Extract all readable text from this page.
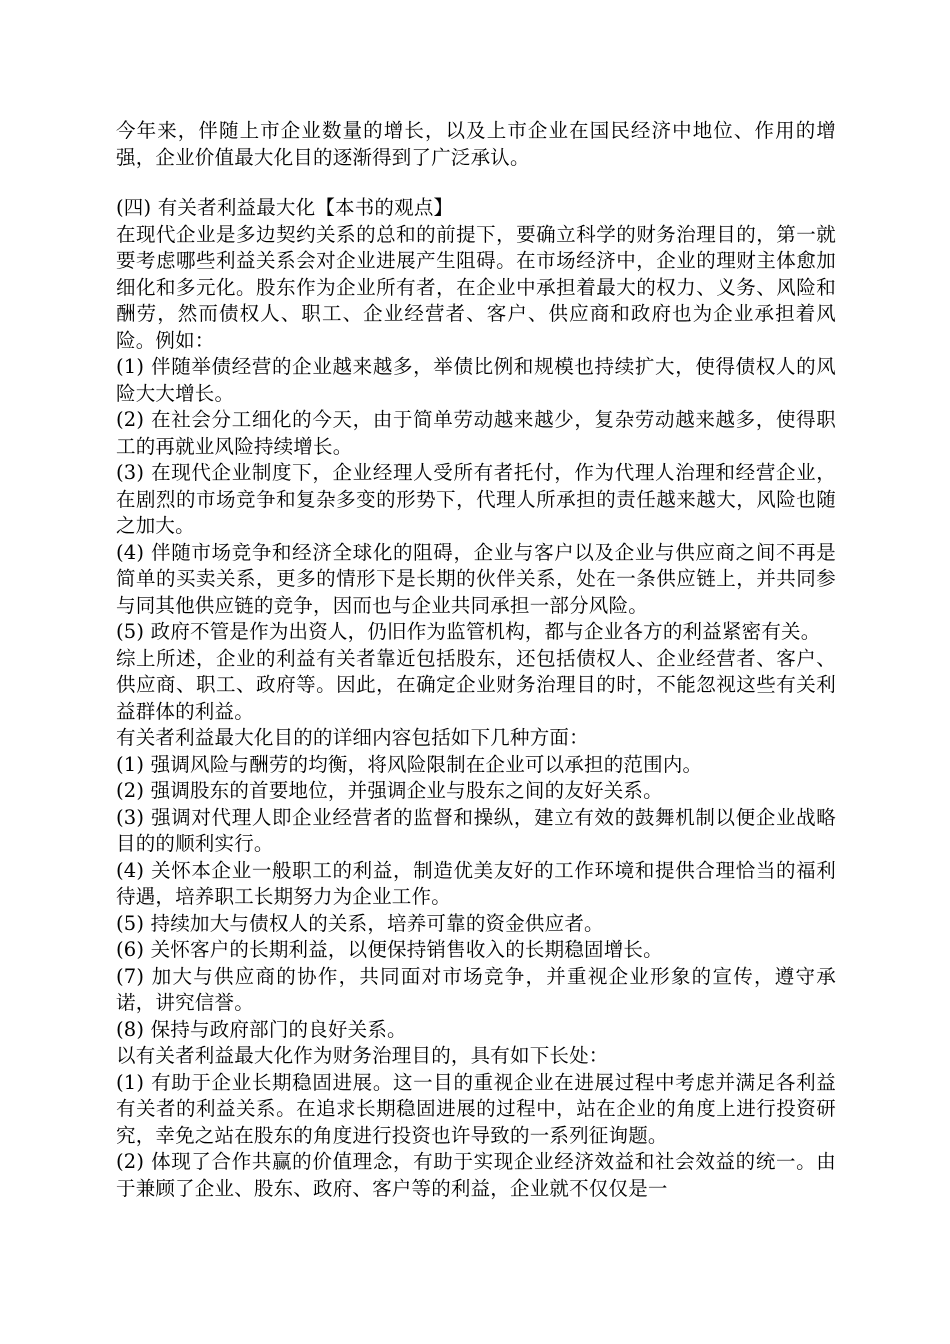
今年来，伴随上市企业数量的增长，以及上市企业在国民经济中地位、作用的增强，企业价值最大化目的逐渐得到了广泛承认。

(四) 有关者利益最大化【本书的观点】

在现代企业是多边契约关系的总和的前提下，要确立科学的财务治理目的，第一就要考虑哪些利益关系会对企业进展产生阻碍。在市场经济中，企业的理财主体愈加细化和多元化。股东作为企业所有者，在企业中承担着最大的权力、义务、风险和酬劳，然而债权人、职工、企业经营者、客户、供应商和政府也为企业承担着风险。例如：

(1) 伴随举债经营的企业越来越多，举债比例和规模也持续扩大，使得债权人的风险大大增长。

(2) 在社会分工细化的今天，由于简单劳动越来越少，复杂劳动越来越多，使得职工的再就业风险持续增长。

(3) 在现代企业制度下，企业经理人受所有者托付，作为代理人治理和经营企业，在剧烈的市场竞争和复杂多变的形势下，代理人所承担的责任越来越大，风险也随之加大。

(4) 伴随市场竞争和经济全球化的阻碍，企业与客户以及企业与供应商之间不再是简单的买卖关系，更多的情形下是长期的伙伴关系，处在一条供应链上，并共同参与同其他供应链的竞争，因而也与企业共同承担一部分风险。

(5) 政府不管是作为出资人，仍旧作为监管机构，都与企业各方的利益紧密有关。

综上所述，企业的利益有关者靠近包括股东，还包括债权人、企业经营者、客户、供应商、职工、政府等。因此，在确定企业财务治理目的时，不能忽视这些有关利益群体的利益。

有关者利益最大化目的的详细内容包括如下几种方面：

(1) 强调风险与酬劳的均衡，将风险限制在企业可以承担的范围内。

(2) 强调股东的首要地位，并强调企业与股东之间的友好关系。

(3) 强调对代理人即企业经营者的监督和操纵，建立有效的鼓舞机制以便企业战略目的的顺利实行。

(4) 关怀本企业一般职工的利益，制造优美友好的工作环境和提供合理恰当的福利待遇，培养职工长期努力为企业工作。

(5) 持续加大与债权人的关系，培养可靠的资金供应者。

(6) 关怀客户的长期利益，以便保持销售收入的长期稳固增长。

(7) 加大与供应商的协作，共同面对市场竞争，并重视企业形象的宣传，遵守承诺，讲究信誉。

(8) 保持与政府部门的良好关系。

以有关者利益最大化作为财务治理目的，具有如下长处：

(1) 有助于企业长期稳固进展。这一目的重视企业在进展过程中考虑并满足各利益有关者的利益关系。在追求长期稳固进展的过程中，站在企业的角度上进行投资研究，幸免之站在股东的角度进行投资也许导致的一系列征询题。

(2) 体现了合作共赢的价值理念，有助于实现企业经济效益和社会效益的统一。由于兼顾了企业、股东、政府、客户等的利益，企业就不仅仅是一
